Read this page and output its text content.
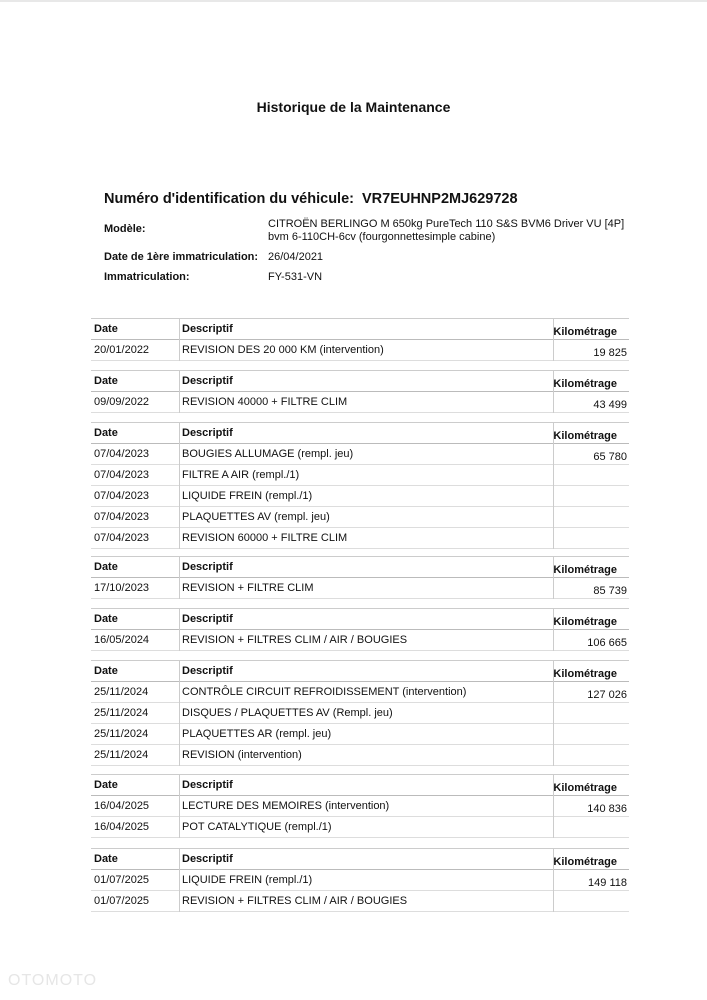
Historique de la Maintenance
Numéro d'identification du véhicule: VR7EUHNP2MJ629728
Modèle:	CITROËN BERLINGO M 650kg PureTech 110 S&S BVM6 Driver VU [4P]
bvm 6-110CH-6cv (fourgonnettesimple cabine)
Date de 1ère immatriculation: 26/04/2021
Immatriculation:	FY-531-VN
Date	Descriptif	Kilométrage
20/01/2022	REVISION DES 20 000 KM (intervention)	19 825
Date	Descriptif	Kilométrage
09/09/2022	REVISION 40000 + FILTRE CLIM	43 499
Date	Descriptif	Kilométrage
07/04/2023	BOUGIES ALLUMAGE (rempl. jeu)	65 780
07/04/2023	FILTRE A AIR (rempl./1)
07/04/2023	LIQUIDE FREIN (rempl./1)
07/04/2023	PLAQUETTES AV (rempl. jeu)
07/04/2023	REVISION 60000 + FILTRE CLIM
Date	Descriptif	Kilométrage
17/10/2023	REVISION + FILTRE CLIM	85 739
Date	Descriptif	Kilométrage
16/05/2024	REVISION + FILTRES CLIM / AIR / BOUGIES	106 665
Date	Descriptif	Kilométrage
25/11/2024	CONTRÔLE CIRCUIT REFROIDISSEMENT (intervention)	127 026
25/11/2024	DISQUES / PLAQUETTES AV (Rempl. jeu)
25/11/2024	PLAQUETTES AR (rempl. jeu)
25/11/2024	REVISION (intervention)
Date	Descriptif	Kilométrage
16/04/2025	LECTURE DES MEMOIRES (intervention)	140 836
16/04/2025	POT CATALYTIQUE (rempl./1)
Date	Descriptif	Kilométrage
01/07/2025	LIQUIDE FREIN (rempl./1)	149 118
01/07/2025	REVISION + FILTRES CLIM / AIR / BOUGIES
OTOMOTO
